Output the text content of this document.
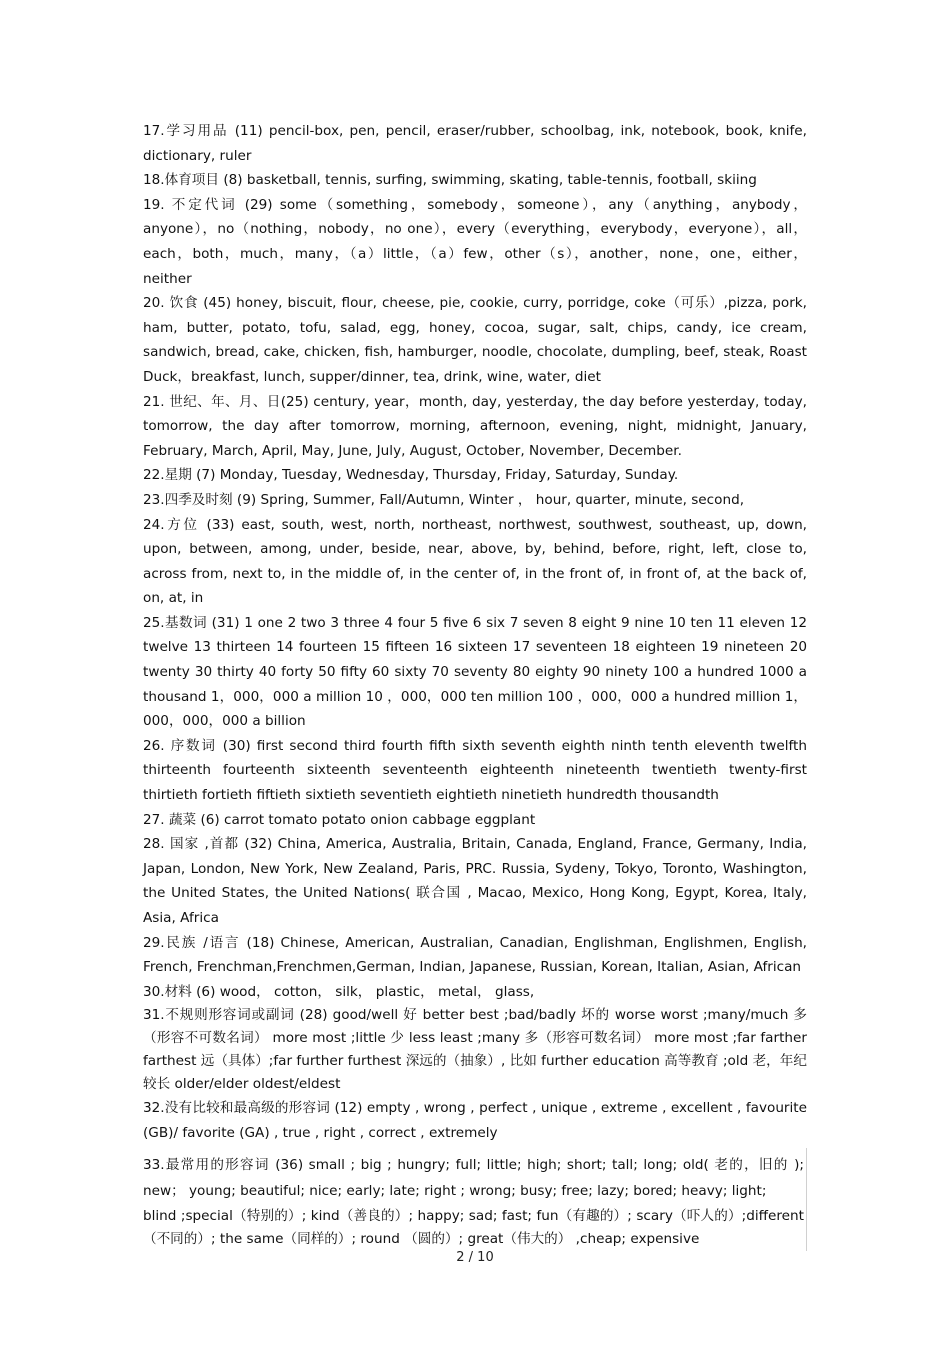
17.学习用品 (11) pencil-box, pen, pencil, eraser/rubber, schoolbag, ink, notebook, book, knife, dictionary, ruler

18.体育项目 (8) basketball, tennis, surfing, swimming, skating, table-tennis, football, skiing

19. 不定代词 (29) some（something，somebody，someone），any（anything，anybody，anyone），no（nothing，nobody，no one），every（everything，everybody，everyone），all，each，both，much，many，（a）little，（a）few，other（s），another，none，one，either，neither

20. 饮食 (45) honey, biscuit, flour, cheese, pie, cookie, curry, porridge, coke（可乐）,pizza, pork, ham, butter, potato, tofu, salad, egg, honey, cocoa, sugar, salt, chips, candy, ice cream, sandwich, bread, cake, chicken, fish, hamburger, noodle, chocolate, dumpling, beef, steak, Roast Duck，breakfast, lunch, supper/dinner, tea, drink, wine, water, diet

21. 世纪、年、月、日(25) century, year，month, day, yesterday, the day before yesterday, today, tomorrow, the day after tomorrow, morning, afternoon, evening, night, midnight, January, February, March, April, May, June, July, August, October, November, December.

22.星期 (7) Monday, Tuesday, Wednesday, Thursday, Friday, Saturday, Sunday.

23.四季及时刻 (9) Spring, Summer, Fall/Autumn, Winter ， hour, quarter, minute, second,

24.方位 (33) east, south, west, north, northeast, northwest, southwest, southeast, up, down, upon, between, among, under, beside, near, above, by, behind, before, right, left, close to, across from, next to, in the middle of, in the center of, in the front of, in front of, at the back of, on, at, in

25.基数词 (31) 1 one 2 two 3 three 4 four 5 five 6 six 7 seven 8 eight 9 nine 10 ten 11 eleven 12 twelve 13 thirteen 14 fourteen 15 fifteen 16 sixteen 17 seventeen 18 eighteen 19 nineteen 20 twenty 30 thirty 40 forty 50 fifty 60 sixty 70 seventy 80 eighty 90 ninety 100 a hundred 1000 a thousand 1，000，000 a million 10 ，000，000 ten million 100 ，000，000 a hundred million 1，000，000，000 a billion

26. 序数词 (30) first second third fourth fifth sixth seventh eighth ninth tenth eleventh twelfth thirteenth fourteenth sixteenth seventeenth eighteenth nineteenth twentieth twenty-first thirtieth fortieth fiftieth sixtieth seventieth eightieth ninetieth hundredth thousandth

27. 蔬菜 (6) carrot tomato potato onion cabbage eggplant

28. 国家 ,首都 (32) China, America, Australia, Britain, Canada, England, France, Germany, India, Japan, London, New York, New Zealand, Paris, PRC. Russia, Sydeny, Tokyo, Toronto, Washington, the United States, the United Nations( 联合国 , Macao, Mexico, Hong Kong, Egypt, Korea, Italy, Asia, Africa

29.民族 /语言 (18) Chinese, American, Australian, Canadian, Englishman, Englishmen, English, French, Frenchman,Frenchmen,German, Indian, Japanese, Russian, Korean, Italian, Asian, African

30.材料 (6) wood， cotton， silk， plastic， metal， glass,

31.不规则形容词或副词 (28) good/well 好 better best ;bad/badly 坏的 worse worst ;many/much 多（形容不可数名词） more most ;little 少 less least ;many 多（形容可数名词） more most ;far farther farthest 远（具体）;far further furthest 深远的（抽象）, 比如 further education 高等教育 ;old 老，年纪较长 older/elder oldest/eldest

32.没有比较和最高级的形容词 (12) empty , wrong , perfect , unique , extreme , excellent , favourite (GB)/ favorite (GA) , true , right , correct , extremely

33.最常用的形容词 (36) small ; big ; hungry; full; little; high; short; tall; long; old( 老的，旧的 ); new； young; beautiful; nice; early; late; right ; wrong; busy; free; lazy; bored; heavy; light;

blind ;special（特别的）; kind（善良的）; happy; sad; fast; fun（有趣的）; scary（吓人的）;different（不同的）; the same（同样的）; round （圆的）; great（伟大的） ,cheap; expensive

2 / 10
